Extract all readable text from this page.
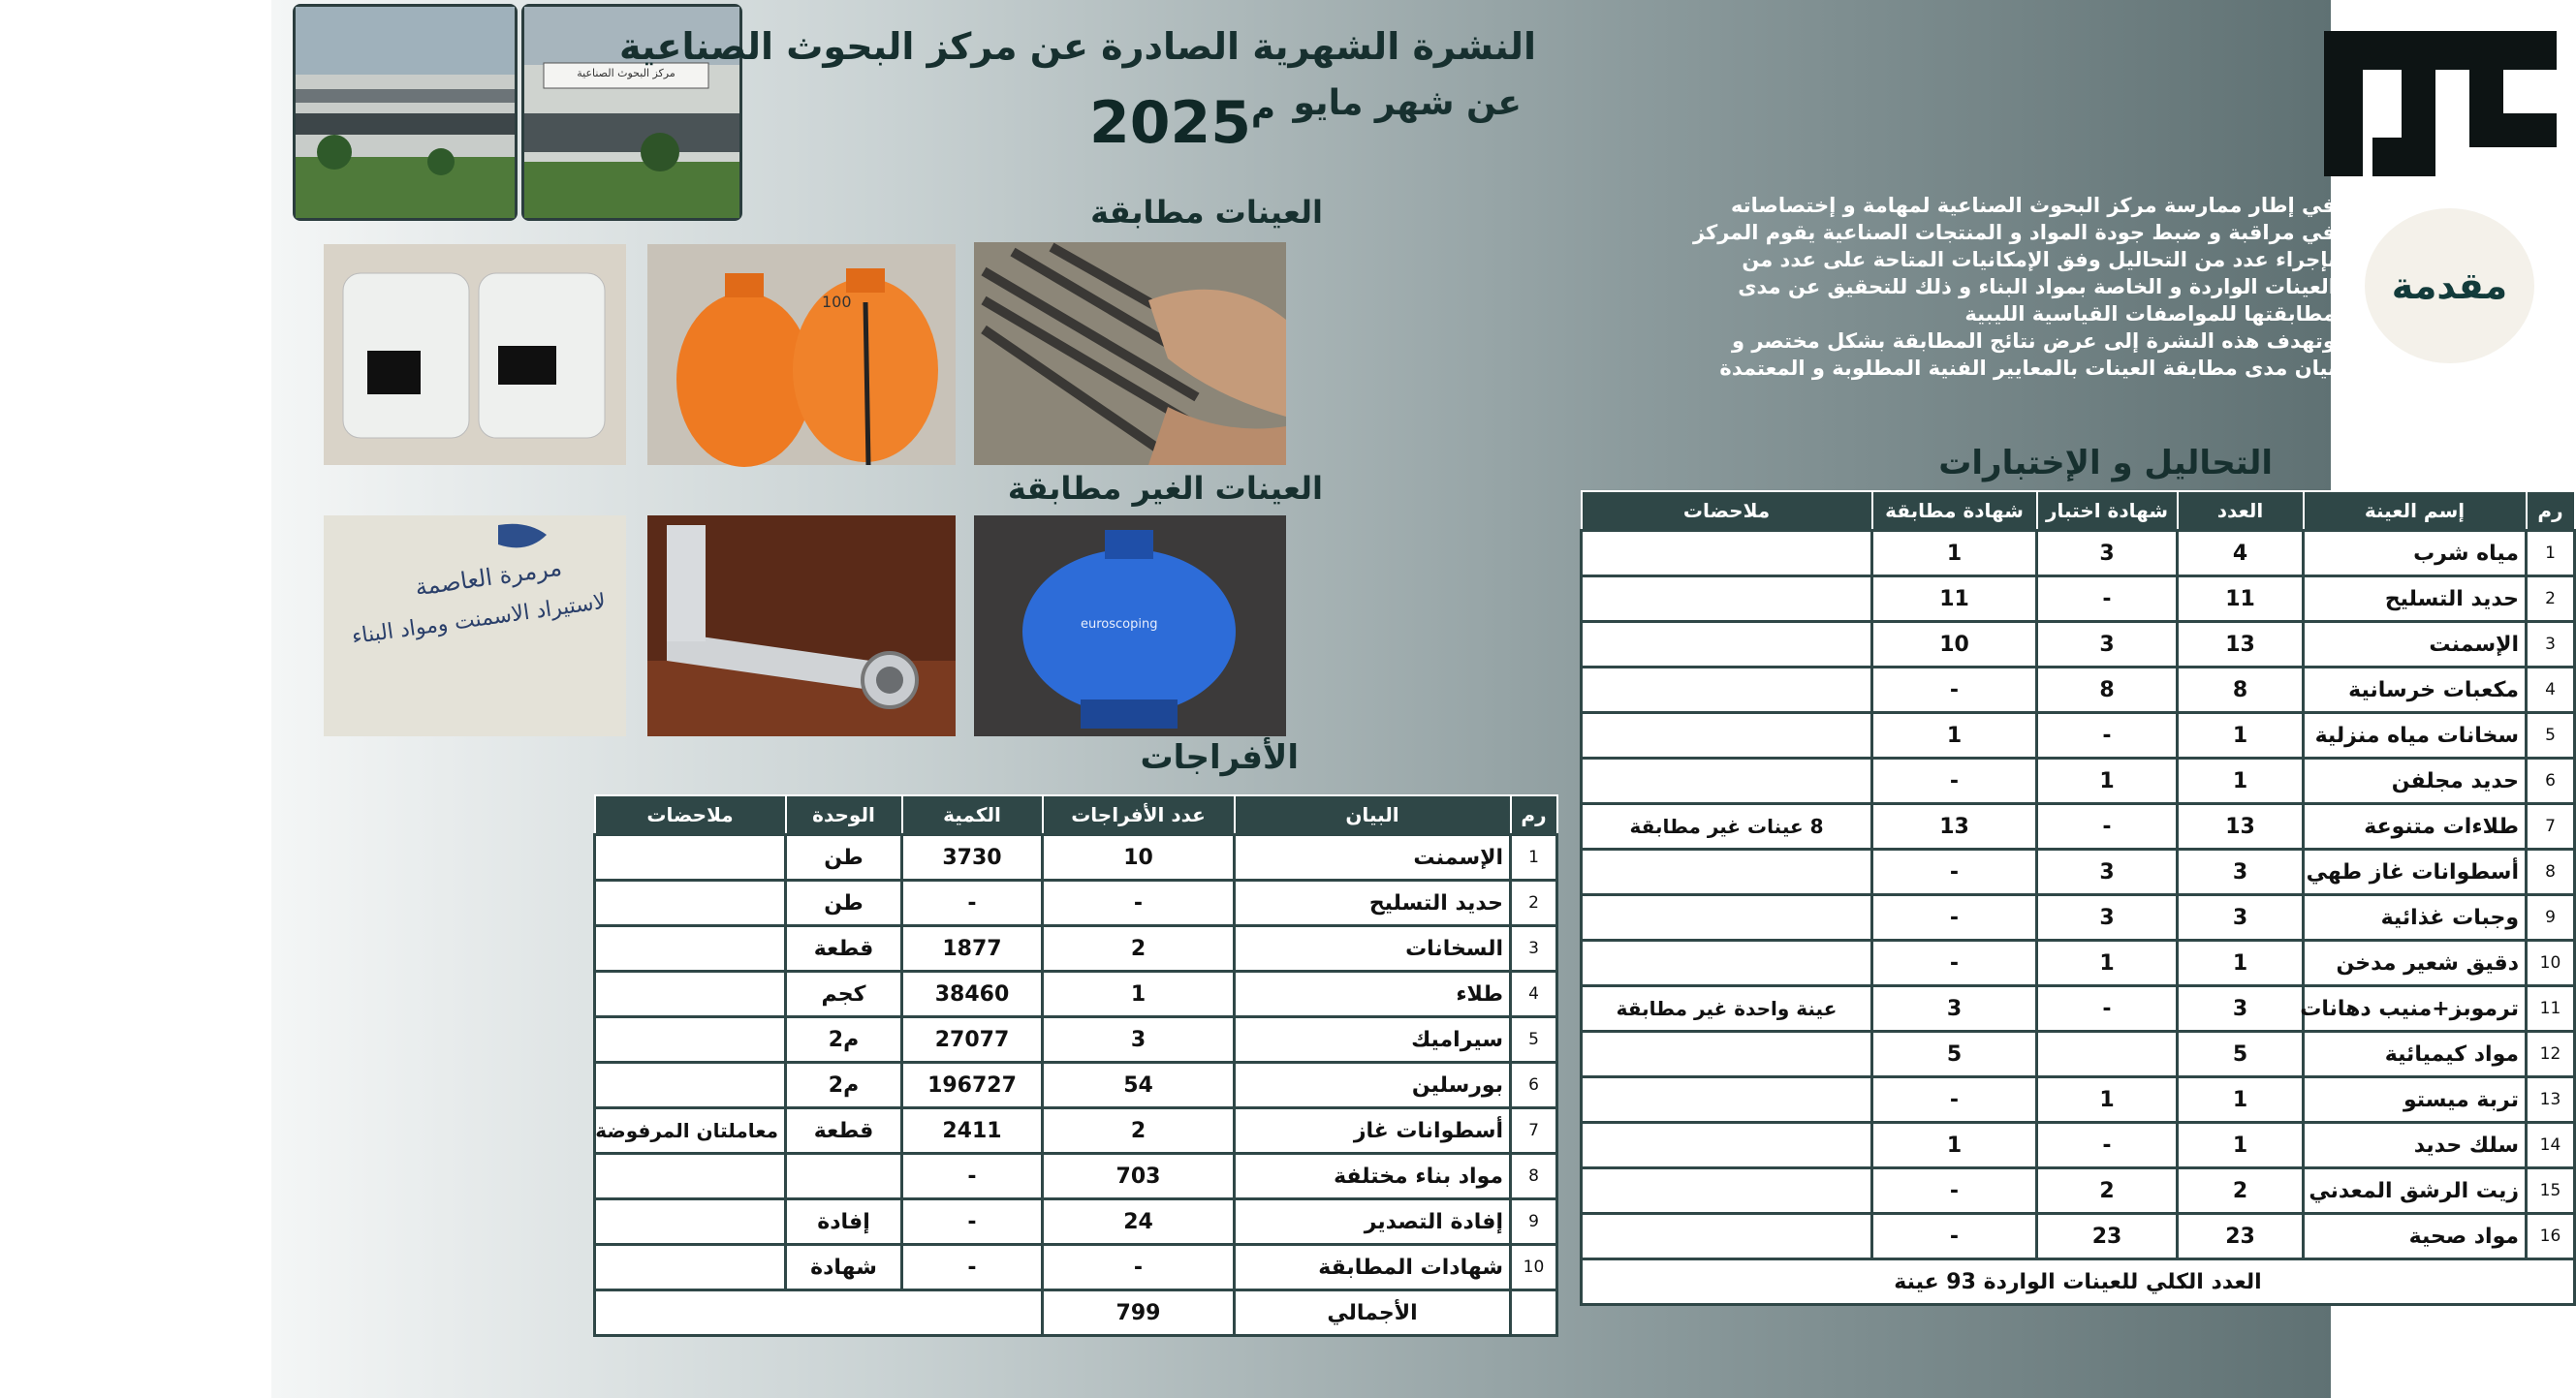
مركز البحوث الصناعية
النشرة الشهرية الصادرة عن مركز البحوث الصناعية
عن شهر مايو
$^م$2025
في إطار ممارسة مركز البحوث الصناعية لمهامة و إختصاصاته
في مراقبة و ضبط جودة المواد و المنتجات الصناعية يقوم المركز
بإجراء عدد من التحاليل وفق الإمكانيات المتاحة على عدد من
العينات الواردة و الخاصة بمواد البناء و ذلك للتحقيق عن مدى
مطابقتها للمواصفات القياسية الليبية
وتهدف هذه النشرة إلى عرض نتائج المطابقة بشكل مختصر و
بيان مدى مطابقة العينات بالمعايير الفنية المطلوبة و المعتمدة
مقدمة
العينات مطابقة
العينات الغير مطابقة
الأفراجات
التحاليل و الإختبارات
100
مرمرة العاصمة
لاستيراد الاسمنت ومواد البناء	euroscoping
رم	إسم العينة	العدد	شهادة اختبار	شهادة مطابقة	ملاحضات
1	مياه شرب	4	3	1	
2	حديد التسليح	11	-	11	
3	الإسمنت	13	3	10	
4	مكعبات خرسانية	8	8	-	
5	سخانات مياه منزلية	1	-	1	
6	حديد مجلفن	1	1	-	
7	طلاءات متنوعة	13	-	13	8 عينات غير مطابقة
8	أسطوانات غاز طهي	3	3	-	
9	وجبات غذائية	3	3	-	
10	دقيق شعير مدخن	1	1	-	
11	ترموبز+منيب دهانات	3	-	3	عينة واحدة غير مطابقة
12	مواد كيميائية	5		5	
13	تربة ميستو	1	1	-	
14	سلك حديد	1	-	1	
15	زيت الرشق المعدني	2	2	-	
16	مواد صحية	23	23	-	
العدد الكلي للعينات الواردة 93 عينة					
رم	البيان	عدد الأفراجات	الكمية	الوحدة	ملاحضات
1	الإسمنت	10	3730	طن	
2	حديد التسليح	-	-	طن	
3	السخانات	2	1877	قطعة	
4	طلاء	1	38460	كجم	
5	سيراميك	3	27077	م2	
6	بورسلين	54	196727	م2	
7	أسطوانات غاز	2	2411	قطعة	معاملتان المرفوضة
8	مواد بناء مختلفة	703	-		
9	إفادة التصدير	24	-	إفادة	
10	شهادات المطابقة	-	-	شهادة	
	الأجمالي	799			
